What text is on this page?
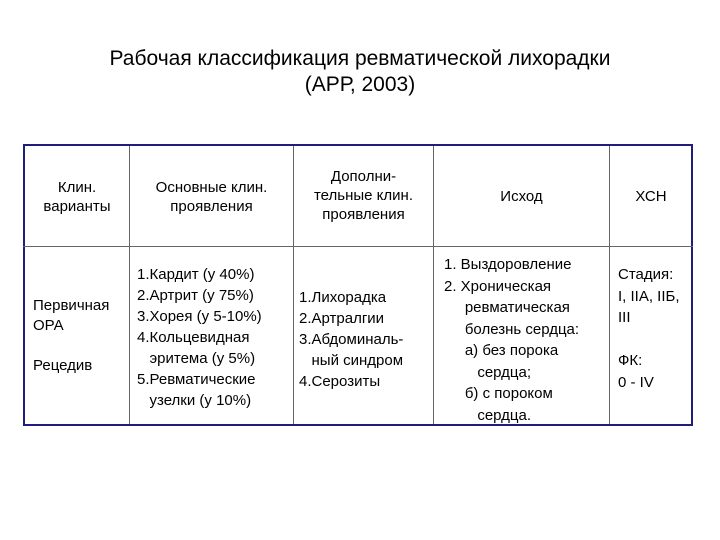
Рабочая классификация ревматической лихорадки
(АРР, 2003)
Клин.
варианты
Основные клин.
проявления
Дополни-
тельные клин.
проявления
Исход	ХСН
Первичная
ОРА

Рецедив
1.Кардит (у 40%)
2.Артрит (у 75%)
3.Хорея (у 5-10%)
4.Кольцевидная
эритема (у 5%)
5.Ревматические
узелки (у 10%)
1.Лихорадка
2.Артралгии
3.Абдоминаль-
ный синдром
4.Серозиты
1. Выздоровление
2. Хроническая
ревматическая
болезнь сердца:
а) без порока
сердца;
б) с пороком
сердца.
Стадия:
I, IIA, IIБ,
III

ФК:
0 - IV
